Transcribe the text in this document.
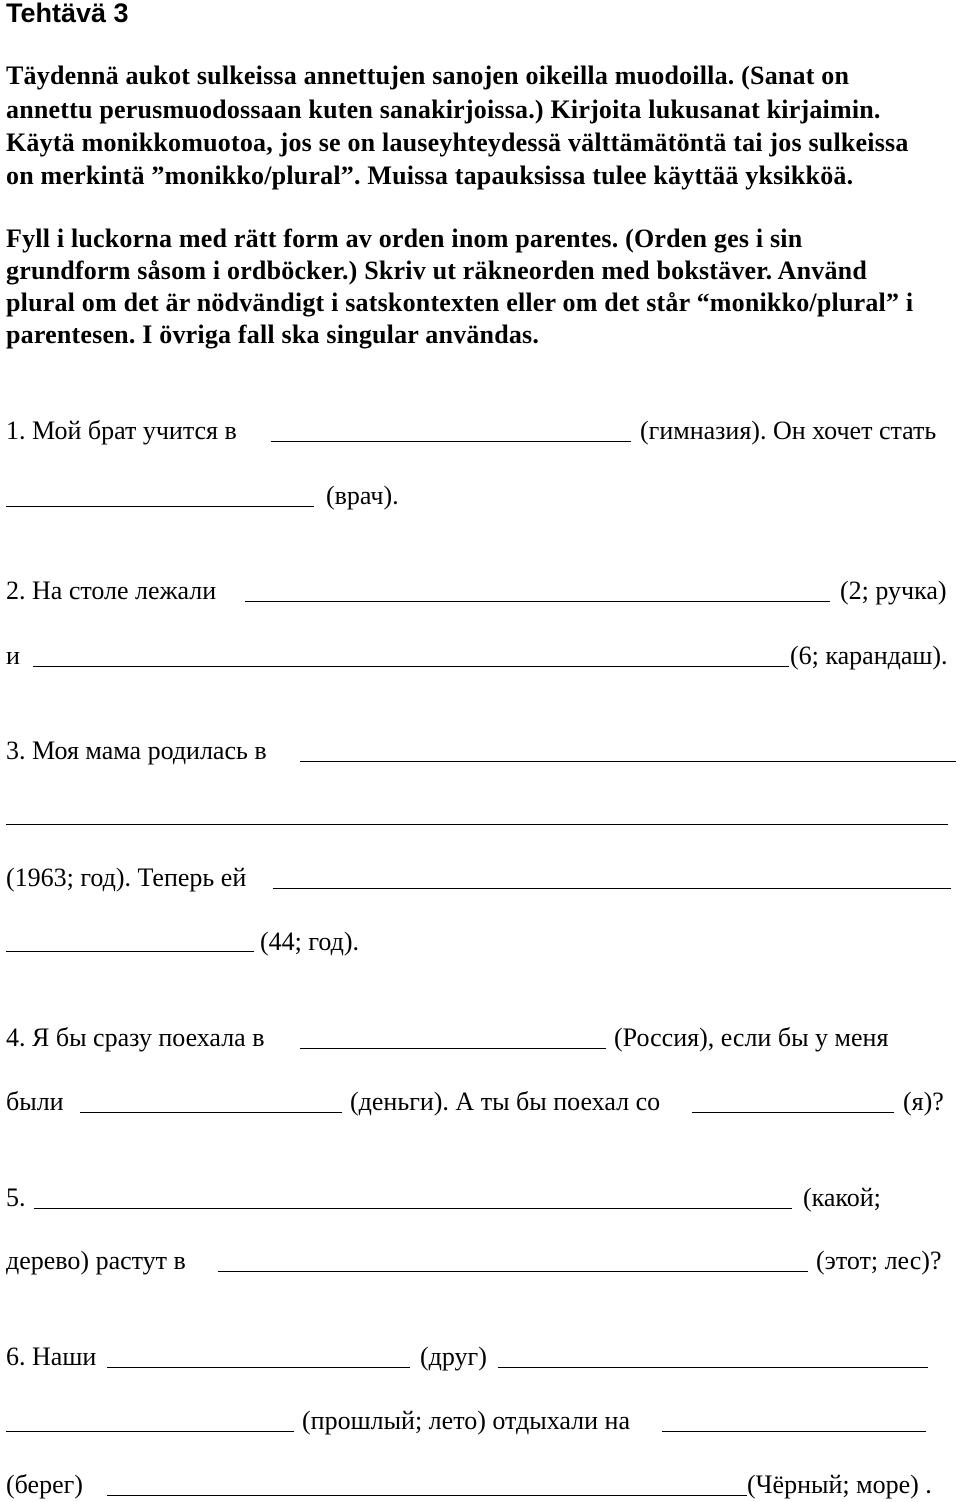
Tehtävä 3
Täydennä aukot sulkeissa annettujen sanojen oikeilla muodoilla. (Sanat on
annettu perusmuodossaan kuten sanakirjoissa.) Kirjoita lukusanat kirjaimin.
Käytä monikkomuotoa, jos se on lauseyhteydessä välttämätöntä tai jos sulkeissa
on merkintä ”monikko/plural”. Muissa tapauksissa tulee käyttää yksikköä.
Fyll i luckorna med rätt form av orden inom parentes. (Orden ges i sin
grundform såsom i ordböcker.) Skriv ut räkneorden med bokstäver. Använd
plural om det är nödvändigt i satskontexten eller om det står “monikko/plural” i
parentesen. I övriga fall ska singular användas.
1. Мой брат учится в	(гимназия). Он хочет стать
(врач).
2. На столе лежали	(2; ручка)
и	(6; карандаш).
3. Моя мама родилась в
(1963; год). Теперь ей
(44; год).
4. Я бы сразу поехала в	(Россия), если бы у меня
были	(деньги). А ты бы поехал со	(я)?
5.	(какой;
дерево) растут в	(этот; лес)?
6. Наши	(друг)
(прошлый; лето) отдыхали на
(берег)	(Чёрный; море) .
